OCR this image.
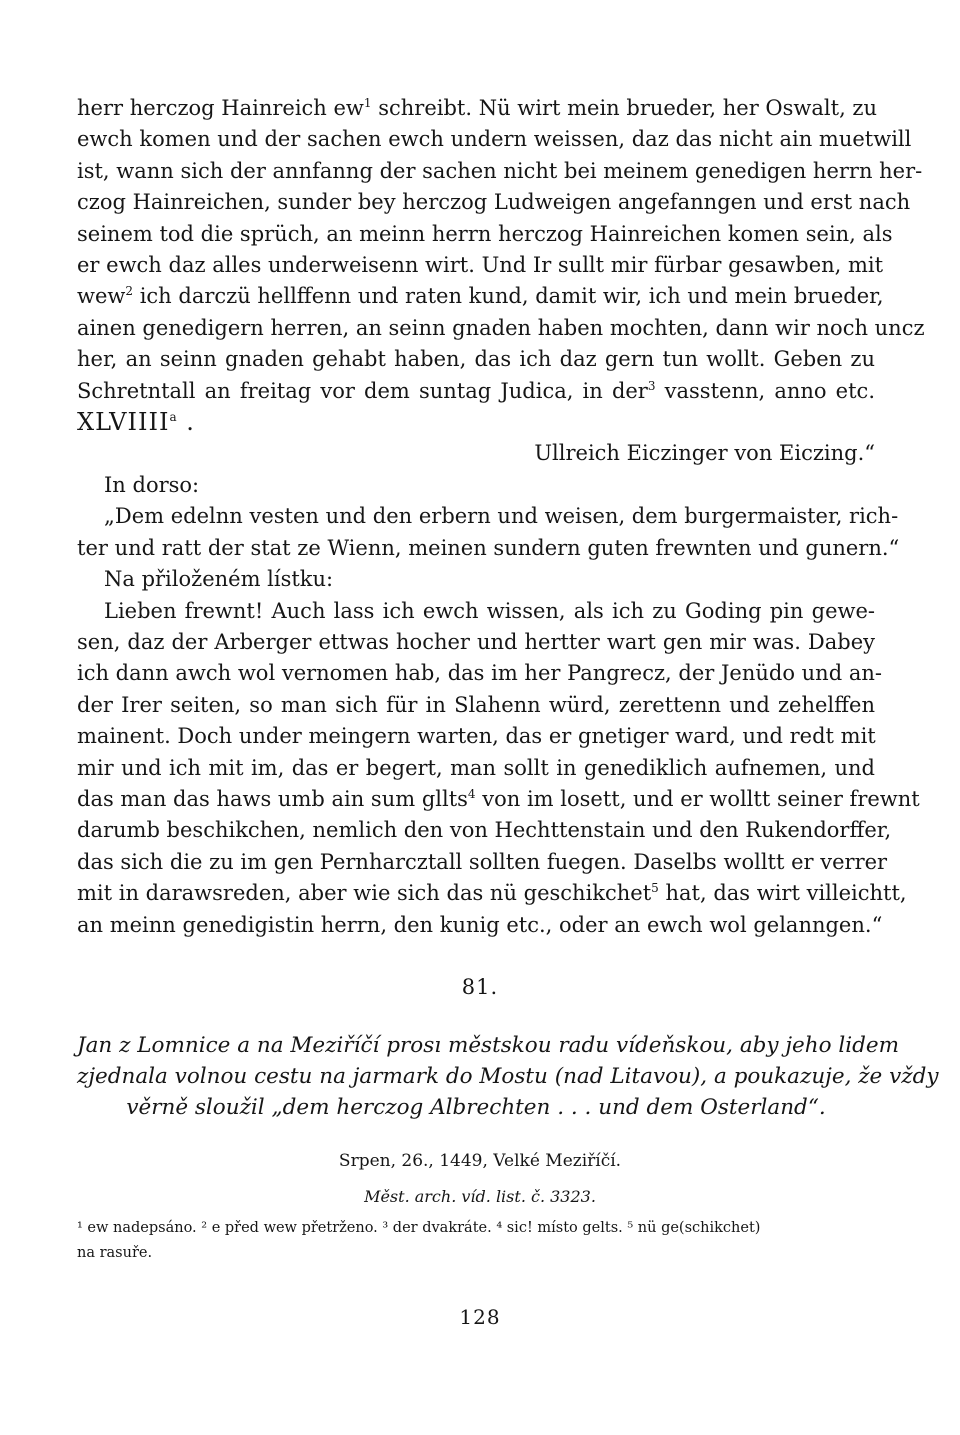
herr herczog Hainreich $ew^1$ schreibt. Nü wirt mein brueder, her Oswalt, zu
ewch komen und der sachen ewch undern weissen, daz das nicht ain muetwill
ist, wann sich der annfanng der sachen nicht bei meinem genedigen herrn her-
czog Hainreichen, sunder bey herczog Ludweigen angefanngen und erst nach
seinem tod die sprüch, an meinn herrn herczog Hainreichen komen sein, als
er ewch daz alles underweisenn wirt. Und Ir sullt mir fürbar gesawben, mit
wew$^2$ ich darczü hellffenn und raten kund, damit wir, ich und mein brueder,
ainen genedigern herren, an seinn gnaden haben mochten, dann wir noch uncz
her, an seinn gnaden gehabt haben, das ich daz gern tun wollt. Geben zu
Schretntall an freitag vor dem suntag Judica, in der$^3$ vasstenn, anno etc.
XLVIIII$^a$ .
Ullreich Eiczinger von Eiczing.“
In dorso:
„Dem edelnn vesten und den erbern und weisen, dem burgermaister, rich-
ter und ratt der stat ze Wienn, meinen sundern guten frewnten und gunern.“
Na přiloženém lístku:
Lieben frewnt! Auch lass ich ewch wissen, als ich zu Goding pin gewe-
sen, daz der Arberger ettwas hocher und hertter wart gen mir was. Dabey
ich dann awch wol vernomen hab, das im her Pangrecz, der Jenüdo und an-
der Irer seiten, so man sich für in Slahenn würd, zerettenn und zehelffen
mainent. Doch under meingern warten, das er gnetiger ward, und redt mit
mir und ich mit im, das er begert, man sollt in genediklich aufnemen, und
das man das haws umb ain sum gllts$^4$ von im losett, und er wolltt seiner frewnt
darumb beschikchen, nemlich den von Hechttenstain und den Rukendorffer,
das sich die zu im gen Pernharcztall sollten fuegen. Daselbs wolltt er verrer
mit in darawsreden, aber wie sich das nü geschikchet$^5$ hat, das wirt villeichtt,
an meinn genedigistin herrn, den kunig etc., oder an ewch wol gelanngen.“
81.
Jan z Lomnice a na Meziříčí prosı městskou radu vídeňskou, aby jeho lidem
zjednala volnou cestu na jarmark do Mostu (nad Litavou), a poukazuje, že vždy
věrně sloužil „dem herczog Albrechten . . . und dem Osterland“.
Srpen, 26., 1449, Velké Meziříčí.
Měst. arch. víd. list. č. 3323.
¹ ew nadepsáno. ² e před wew přetrženo. ³ der dvakráte. ⁴ sic! místo gelts. ⁵ nü ge(schikchet)
na rasuře.
128
